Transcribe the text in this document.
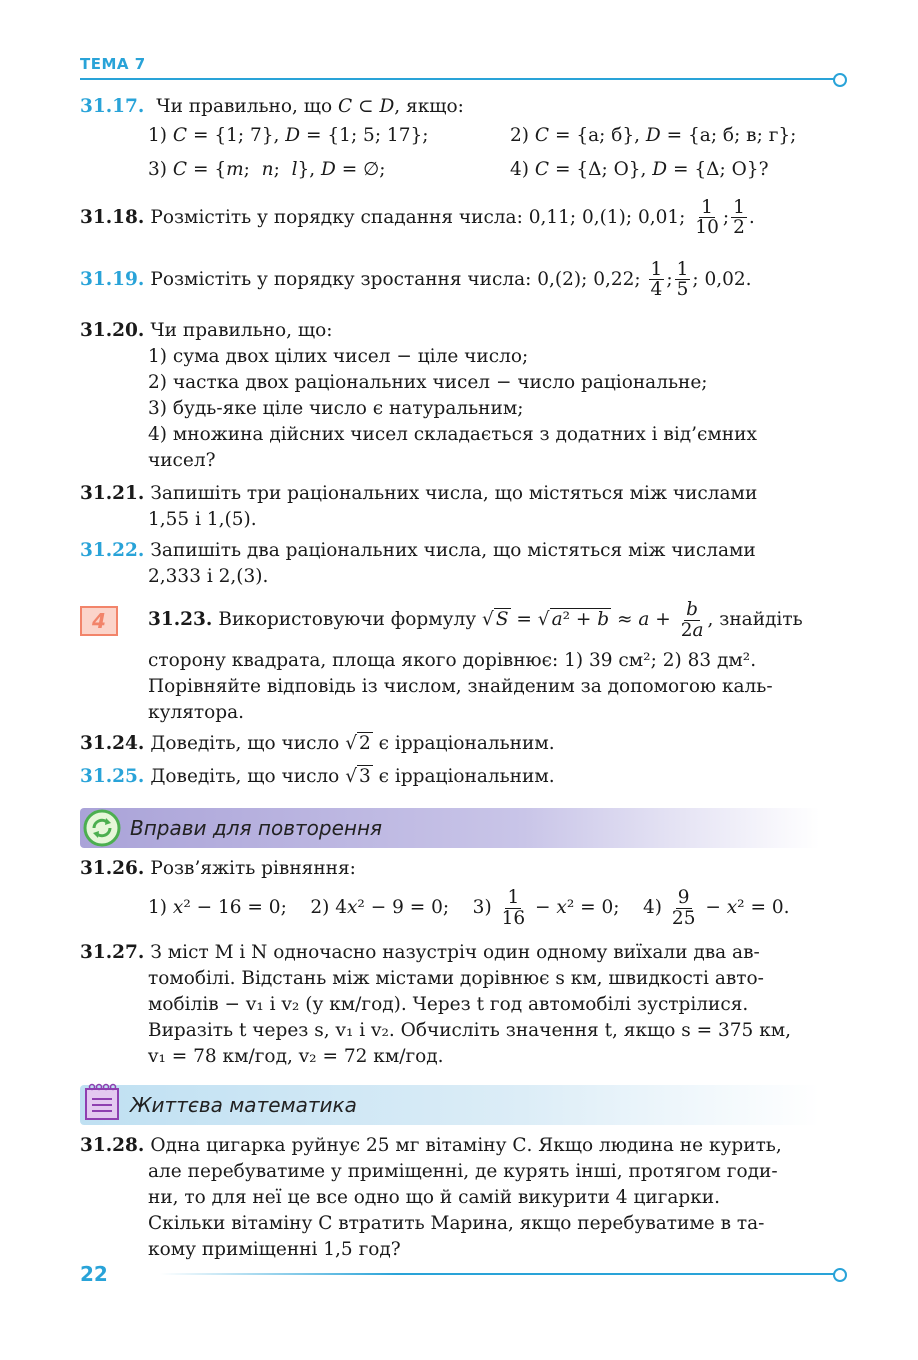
ТЕМА 7
31.17. Чи правильно, що C ⊂ D, якщо:
1) C = {1; 7}, D = {1; 5; 17};	2) C = {а; б}, D = {а; б; в; г};
3) C = {m;  n;  l}, D = ∅;	4) C = {Δ; O}, D = {Δ; O}?
31.18. Розмістіть у порядку спадання числа: 0,11; 0,(1); 0,01; $\frac{1}{10}$ ; $\frac{1}{2}$ .
31.19. Розмістіть у порядку зростання числа: 0,(2); 0,22; $\frac{1}{4}$ ; $\frac{1}{5}$ ; 0,02.
31.20. Чи правильно, що:
1) сума двох цілих чисел − ціле число;
2) частка двох раціональних чисел − число раціональне;
3) будь-яке ціле число є натуральним;
4) множина дійсних чисел складається з додатних і від’ємних
чисел?
31.21. Запишіть три раціональних числа, що містяться між числами
1,55 і 1,(5).
31.22. Запишіть два раціональних числа, що містяться між числами
2,333 і 2,(3).
4	31.23. Використовуючи формулу √ S = √ $a^2 + b \approx a + \frac{b}{2a}$ , знайдіть
сторону квадрата, площа якого дорівнює: 1) 39 см²; 2) 83 дм².
Порівняйте відповідь із числом, знайденим за допомогою каль-
кулятора.
31.24. Доведіть, що число √ 2 є ірраціональним.
31.25. Доведіть, що число √ 3 є ірраціональним.
Вправи для повторення
31.26. Розв’яжіть рівняння:
1) x² − 16 = 0;    2) 4x² − 9 = 0;    $3) \frac{1}{16} - x^2 = 0$;    $4) \frac{9}{25} - x^2 = 0$.
31.27. З міст M і N одночасно назустріч один одному виїхали два ав-
томобілі. Відстань між містами дорівнює s км, швидкості авто-
мобілів − v₁ і v₂ (у км/год). Через t год автомобілі зустрілися.
Виразіть t через s, v₁ і v₂. Обчисліть значення t, якщо s = 375 км,
v₁ = 78 км/год, v₂ = 72 км/год.
Життєва математика
31.28. Одна цигарка руйнує 25 мг вітаміну С. Якщо людина не курить,
але перебуватиме у приміщенні, де курять інші, протягом годи-
ни, то для неї це все одно що й самій викурити 4 цигарки.
Скільки вітаміну С втратить Марина, якщо перебуватиме в та-
кому приміщенні 1,5 год?
22
